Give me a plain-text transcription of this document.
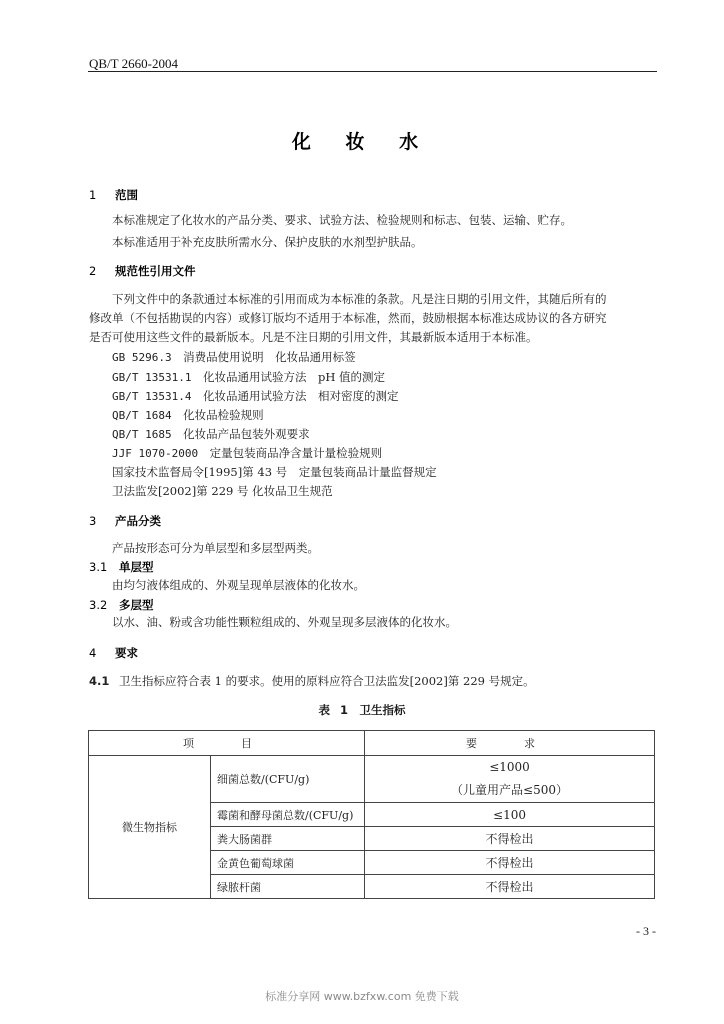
QB/T 2660-2004
化 妆 水
1 范围
本标准规定了化妆水的产品分类、要求、试验方法、检验规则和标志、包装、运输、贮存。
本标准适用于补充皮肤所需水分、保护皮肤的水剂型护肤品。
2 规范性引用文件
下列文件中的条款通过本标准的引用而成为本标准的条款。凡是注日期的引用文件，其随后所有的
修改单（不包括勘误的内容）或修订版均不适用于本标准，然而，鼓励根据本标准达成协议的各方研究
是否可使用这些文件的最新版本。凡是不注日期的引用文件，其最新版本适用于本标准。
GB 5296.3　 消费品使用说明　化妆品通用标签
GB/T 13531.1　 化妆品通用试验方法　pH 值的测定
GB/T 13531.4　 化妆品通用试验方法　相对密度的测定
QB/T 1684　 化妆品检验规则
QB/T 1685　 化妆品产品包装外观要求
JJF 1070-2000　 定量包装商品净含量计量检验规则
国家技术监督局令[1995]第 43 号　 定量包装商品计量监督规定
卫法监发[2002]第 229 号 化妆品卫生规范
3 产品分类
产品按形态可分为单层型和多层型两类。
3.1 单层型
由均匀液体组成的、外观呈现单层液体的化妆水。
3.2 多层型
以水、油、粉或含功能性颗粒组成的、外观呈现多层液体的化妆水。
4 要求
4.1 卫生指标应符合表 1 的要求。使用的原料应符合卫法监发[2002]第 229 号规定。
表 1　卫生指标
项　目		要　求
微生物指标	细菌总数/(CFU/g)	≤1000
（儿童用产品≤500）

	霉菌和酵母菌总数/(CFU/g)	≤100
	粪大肠菌群	不得检出
	金黄色葡萄球菌	不得检出
	绿脓杆菌	不得检出
- 3 -
标准分享网 www.bzfxw.com 免费下载
